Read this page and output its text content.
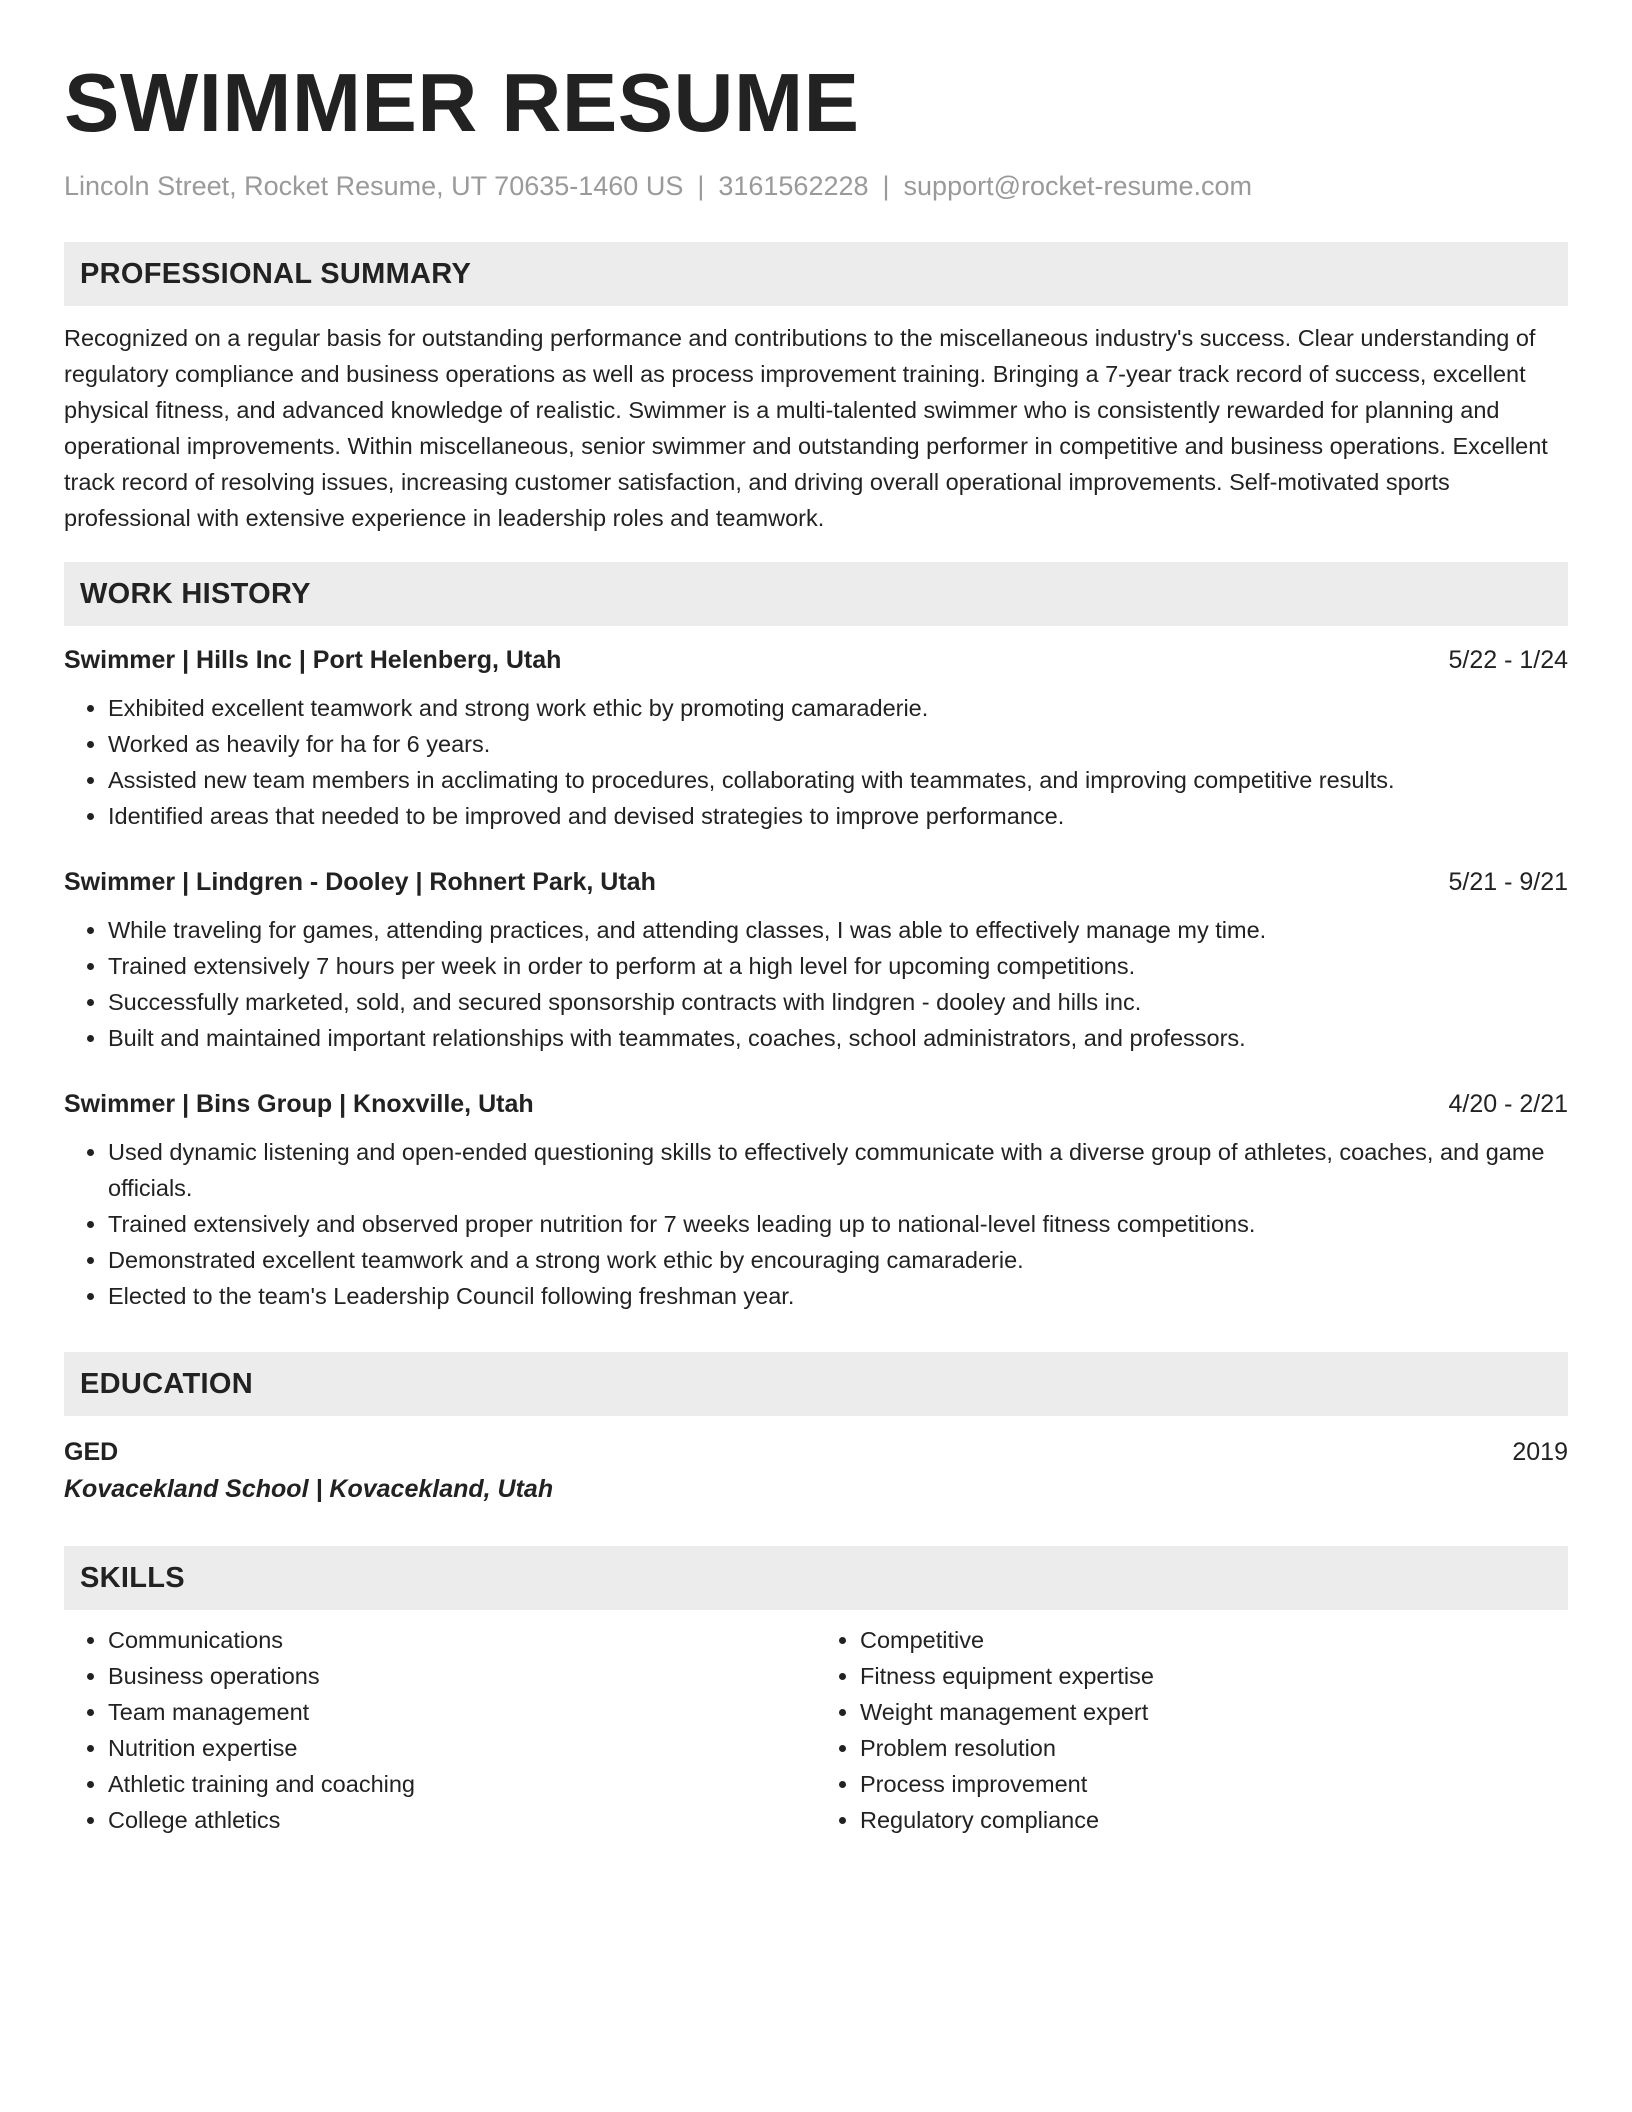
SWIMMER RESUME
Lincoln Street, Rocket Resume, UT 70635-1460 US | 3161562228 | support@rocket-resume.com
PROFESSIONAL SUMMARY

Recognized on a regular basis for outstanding performance and contributions to the miscellaneous industry's success. Clear understanding of regulatory compliance and business operations as well as process improvement training. Bringing a 7-year track record of success, excellent physical fitness, and advanced knowledge of realistic. Swimmer is a multi-talented swimmer who is consistently rewarded for planning and operational improvements. Within miscellaneous, senior swimmer and outstanding performer in competitive and business operations. Excellent track record of resolving issues, increasing customer satisfaction, and driving overall operational improvements. Self-motivated sports professional with extensive experience in leadership roles and teamwork.

WORK HISTORY
Swimmer | Hills Inc | Port Helenberg, Utah	5/22 - 1/24
• Exhibited excellent teamwork and strong work ethic by promoting camaraderie.
• Worked as heavily for ha for 6 years.
• Assisted new team members in acclimating to procedures, collaborating with teammates, and improving competitive results.
• Identified areas that needed to be improved and devised strategies to improve performance.
Swimmer | Lindgren - Dooley | Rohnert Park, Utah	5/21 - 9/21
• While traveling for games, attending practices, and attending classes, I was able to effectively manage my time.
• Trained extensively 7 hours per week in order to perform at a high level for upcoming competitions.
• Successfully marketed, sold, and secured sponsorship contracts with lindgren - dooley and hills inc.
• Built and maintained important relationships with teammates, coaches, school administrators, and professors.
Swimmer | Bins Group | Knoxville, Utah	4/20 - 2/21
• Used dynamic listening and open-ended questioning skills to effectively communicate with a diverse group of athletes, coaches, and game officials.
• Trained extensively and observed proper nutrition for 7 weeks leading up to national-level fitness competitions.
• Demonstrated excellent teamwork and a strong work ethic by encouraging camaraderie.
• Elected to the team's Leadership Council following freshman year.
EDUCATION
GED	2019
Kovacekland School | Kovacekland, Utah
SKILLS
• Communications
• Business operations
• Team management
• Nutrition expertise
• Athletic training and coaching
• College athletics
• Competitive
• Fitness equipment expertise
• Weight management expert
• Problem resolution
• Process improvement
• Regulatory compliance
